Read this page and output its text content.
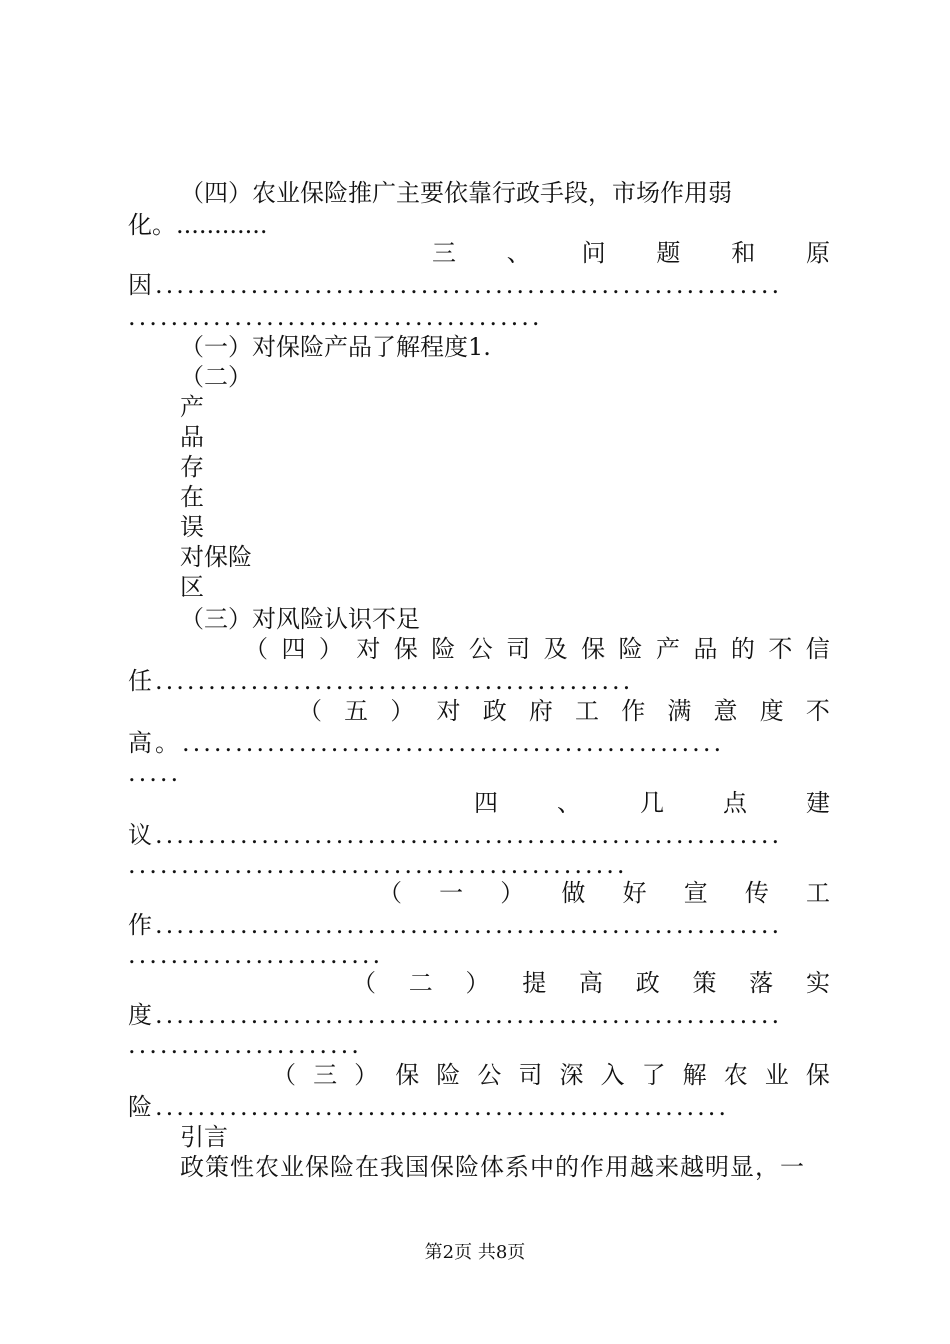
（四）农业保险推广主要依靠行政手段，市场作用弱
化。............
三 、 问 题 和 原
因...........................................................
.......................................
（一）对保险产品了解程度1.
（二）
产
品
存
在
误
对保险
区
（三）对风险认识不足
（ 四 ） 对 保 险 公 司 及 保 险 产 品 的 不 信
任.............................................
（ 五 ） 对 政 府 工 作 满 意 度 不
高。...................................................
.....
四 、 几 点 建
议...........................................................
...............................................
（ 一 ） 做 好 宣 传 工
作...........................................................
........................
（ 二 ） 提 高 政 策 落 实
度...........................................................
......................
（ 三 ） 保 险 公 司 深 入 了 解 农 业 保
险......................................................
引言
政策性农业保险在我国保险体系中的作用越来越明显，一
第2页 共8页
